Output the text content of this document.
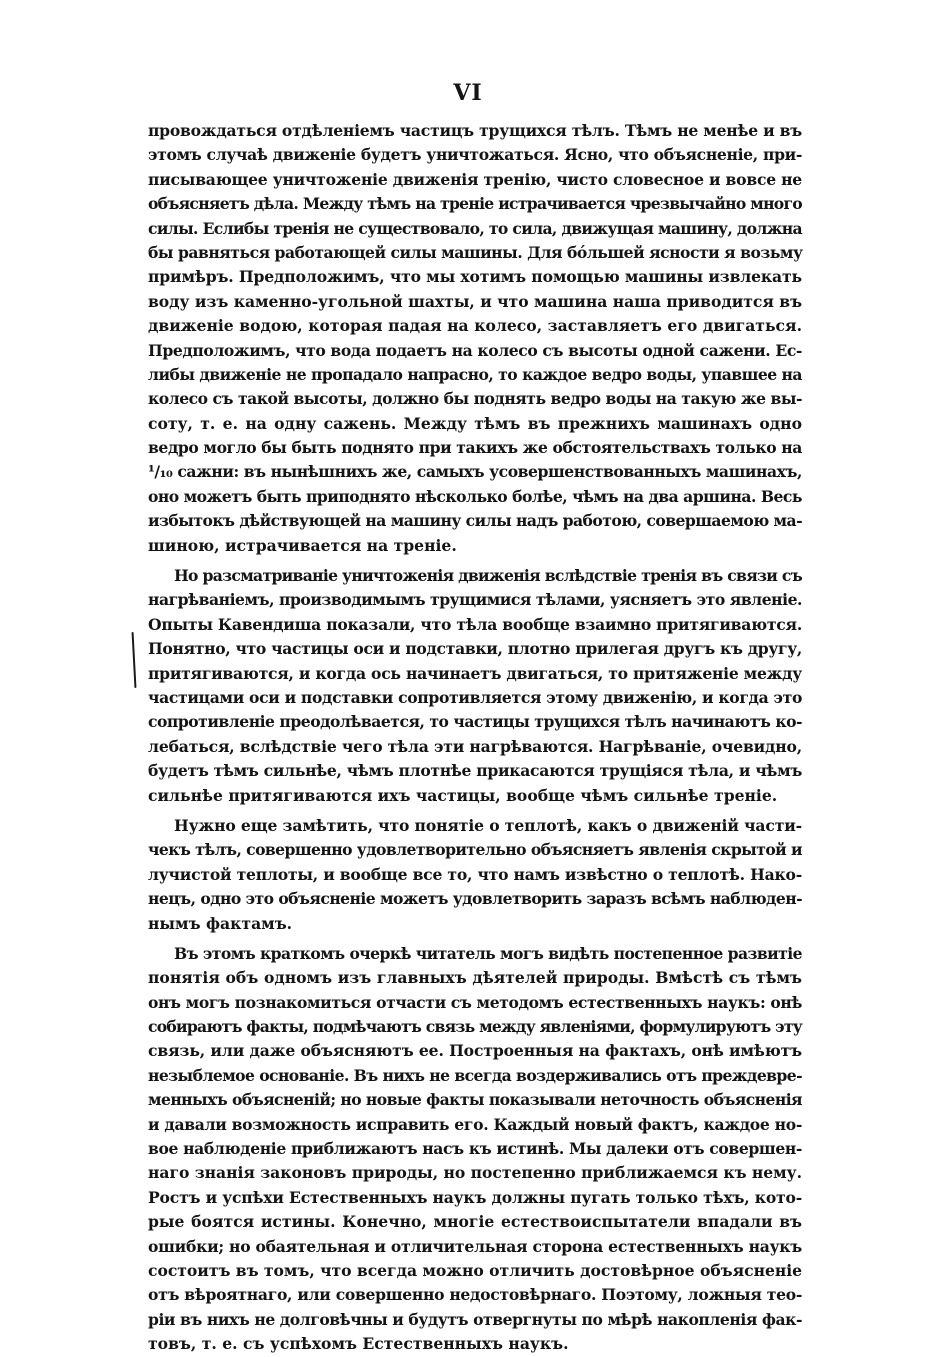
VI
провождаться отдѣленіемъ частицъ трущихся тѣлъ. Тѣмъ не менѣе и въ
этомъ случаѣ движеніе будетъ уничтожаться. Ясно, что объясненіе, при-
писывающее уничтоженіе движенія тренію, чисто словесное и вовсе не
объясняетъ дѣла. Между тѣмъ на треніе истрачивается чрезвычайно много
силы. Еслибы тренія не существовало, то сила, движущая машину, должна
бы равняться работающей силы машины. Для бо́льшей ясности я возьму
примѣръ. Предположимъ, что мы хотимъ помощью машины извлекать
воду изъ каменно-угольной шахты, и что машина наша приводится въ
движеніе водою, которая падая на колесо, заставляетъ его двигаться.
Предположимъ, что вода подаетъ на колесо съ высоты одной сажени. Ес-
либы движеніе не пропадало напрасно, то каждое ведро воды, упавшее на
колесо съ такой высоты, должно бы поднять ведро воды на такую же вы-
соту, т. е. на одну сажень. Между тѣмъ въ прежнихъ машинахъ одно
ведро могло бы быть поднято при такихъ же обстоятельствахъ только на
¹/₁₀ сажни: въ нынѣшнихъ же, самыхъ усовершенствованныхъ машинахъ,
оно можетъ быть приподнято нѣсколько болѣе, чѣмъ на два аршина. Весь
избытокъ дѣйствующей на машину силы надъ работою, совершаемою ма-
шиною, истрачивается на треніе.
Но разсматриваніе уничтоженія движенія вслѣдствіе тренія въ связи съ
нагрѣваніемъ, производимымъ трущимися тѣлами, уясняетъ это явленіе.
Опыты Кавендиша показали, что тѣла вообще взаимно притягиваются.
Понятно, что частицы оси и подставки, плотно прилегая другъ къ другу,
притягиваются, и когда ось начинаетъ двигаться, то притяженіе между
частицами оси и подставки сопротивляется этому движенію, и когда это
сопротивленіе преодолѣвается, то частицы трущихся тѣлъ начинаютъ ко-
лебаться, вслѣдствіе чего тѣла эти нагрѣваются. Нагрѣваніе, очевидно,
будетъ тѣмъ сильнѣе, чѣмъ плотнѣе прикасаются трущіяся тѣла, и чѣмъ
сильнѣе притягиваются ихъ частицы, вообще чѣмъ сильнѣе треніе.
Нужно еще замѣтить, что понятіе о теплотѣ, какъ о движеній части-
чекъ тѣлъ, совершенно удовлетворительно объясняетъ явленія скрытой и
лучистой теплоты, и вообще все то, что намъ извѣстно о теплотѣ. Нако-
нецъ, одно это объясненіе можетъ удовлетворить заразъ всѣмъ наблюден-
нымъ фактамъ.
Въ этомъ краткомъ очеркѣ читатель могъ видѣть постепенное развитіе
понятія объ одномъ изъ главныхъ дѣятелей природы. Вмѣстѣ съ тѣмъ
онъ могъ познакомиться отчасти съ методомъ естественныхъ наукъ: онѣ
собираютъ факты, подмѣчаютъ связь между явленіями, формулируютъ эту
связь, или даже объясняютъ ее. Построенныя на фактахъ, онѣ имѣютъ
незыблемое основаніе. Въ нихъ не всегда воздерживались отъ преждевре-
менныхъ объясненій; но новые факты показывали неточность объясненія
и давали возможность исправить его. Каждый новый фактъ, каждое но-
вое наблюденіе приближаютъ насъ къ истинѣ. Мы далеки отъ совершен-
наго знанія законовъ природы, но постепенно приближаемся къ нему.
Ростъ и успѣхи Естественныхъ наукъ должны пугать только тѣхъ, кото-
рые боятся истины. Конечно, многіе естествоиспытатели впадали въ
ошибки; но обаятельная и отличительная сторона естественныхъ наукъ
состоитъ въ томъ, что всегда можно отличить достовѣрное объясненіе
отъ вѣроятнаго, или совершенно недостовѣрнаго. Поэтому, ложныя тео-
ріи въ нихъ не долговѣчны и будутъ отвергнуты по мѣрѣ накопленія фак-
товъ, т. е. съ успѣхомъ Естественныхъ наукъ.
